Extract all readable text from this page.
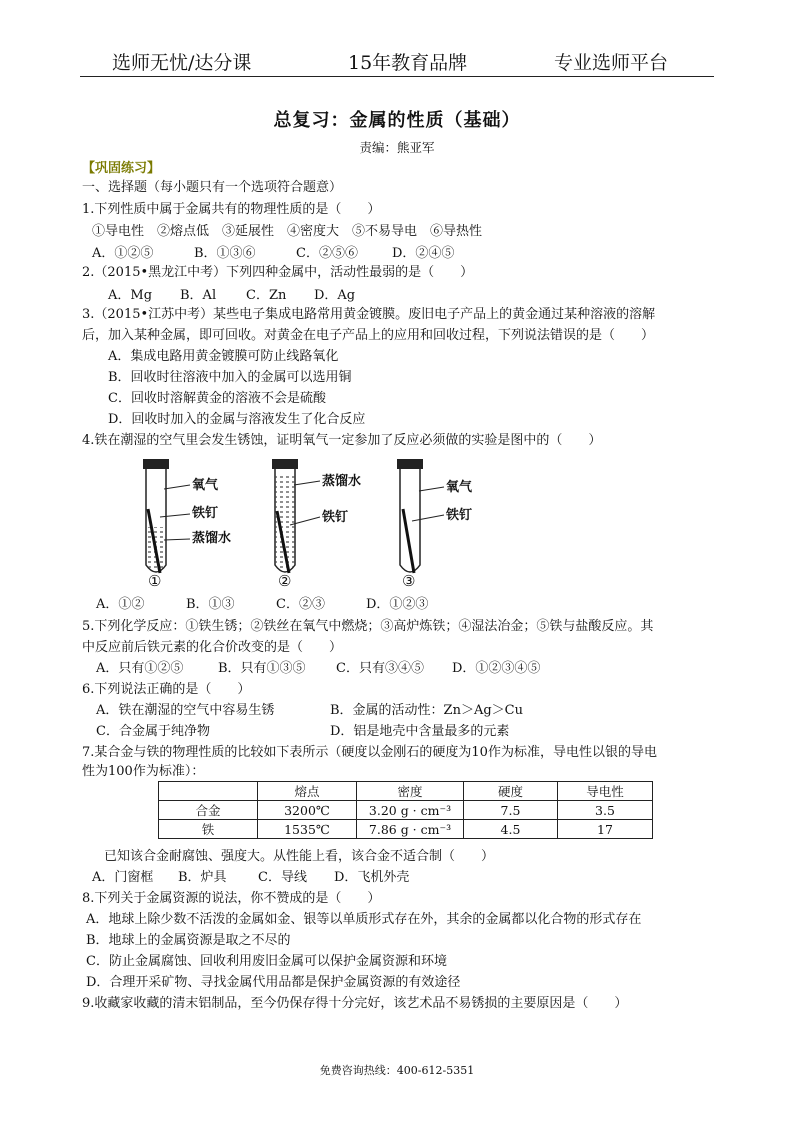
选师无忧/达分课	15年教育品牌	专业选师平台
总复习：金属的性质（基础）
责编：熊亚军
【巩固练习】
一、选择题（每小题只有一个选项符合题意）
1.下列性质中属于金属共有的物理性质的是（　　）
①导电性　②熔点低　③延展性　④密度大　⑤不易导电　⑥导热性
A．①②⑤	B．①③⑥	C．②⑤⑥	D．②④⑤
2.（2015•黑龙江中考）下列四种金属中，活动性最弱的是（　　）
A．Mg B．Al C．Zn D．Ag
3.（2015•江苏中考）某些电子集成电路常用黄金镀膜。废旧电子产品上的黄金通过某种溶液的溶解
后，加入某种金属，即可回收。对黄金在电子产品上的应用和回收过程，下列说法错误的是（　　）
A．集成电路用黄金镀膜可防止线路氧化
B．回收时往溶液中加入的金属可以选用铜
C．回收时溶解黄金的溶液不会是硫酸
D．回收时加入的金属与溶液发生了化合反应
4.铁在潮湿的空气里会发生锈蚀，证明氧气一定参加了反应必须做的实验是图中的（　　）
氧气
铁钉
蒸馏水
蒸馏水
铁钉
氧气
铁钉
①	②	③
A．①②	B．①③	C．②③	D．①②③
5.下列化学反应：①铁生锈；②铁丝在氧气中燃烧；③高炉炼铁；④湿法冶金；⑤铁与盐酸反应。其
中反应前后铁元素的化合价改变的是（　　）
A．只有①②⑤	B．只有①③⑤ C．只有③④⑤ D．①②③④⑤
6.下列说法正确的是（　　）
A．铁在潮湿的空气中容易生锈	B．金属的活动性：Zn＞Ag＞Cu
C．合金属于纯净物	D．铝是地壳中含量最多的元素
7.某合金与铁的物理性质的比较如下表所示（硬度以金刚石的硬度为10作为标准，导电性以银的导电
性为100作为标准）：
	熔点	密度	硬度	导电性
合金	3200℃	3.20 g · cm⁻³	7.5	3.5
铁	1535℃	7.86 g · cm⁻³	4.5	17
已知该合金耐腐蚀、强度大。从性能上看，该合金不适合制（　　）
A．门窗框 B．炉具 C．导线 D．飞机外壳
8.下列关于金属资源的说法，你不赞成的是（　　）
A．地球上除少数不活泼的金属如金、银等以单质形式存在外，其余的金属都以化合物的形式存在
B．地球上的金属资源是取之不尽的
C．防止金属腐蚀、回收利用废旧金属可以保护金属资源和环境
D．合理开采矿物、寻找金属代用品都是保护金属资源的有效途径
9.收藏家收藏的清末铝制品，至今仍保存得十分完好，该艺术品不易锈损的主要原因是（　　）
免费咨询热线：400-612-5351
